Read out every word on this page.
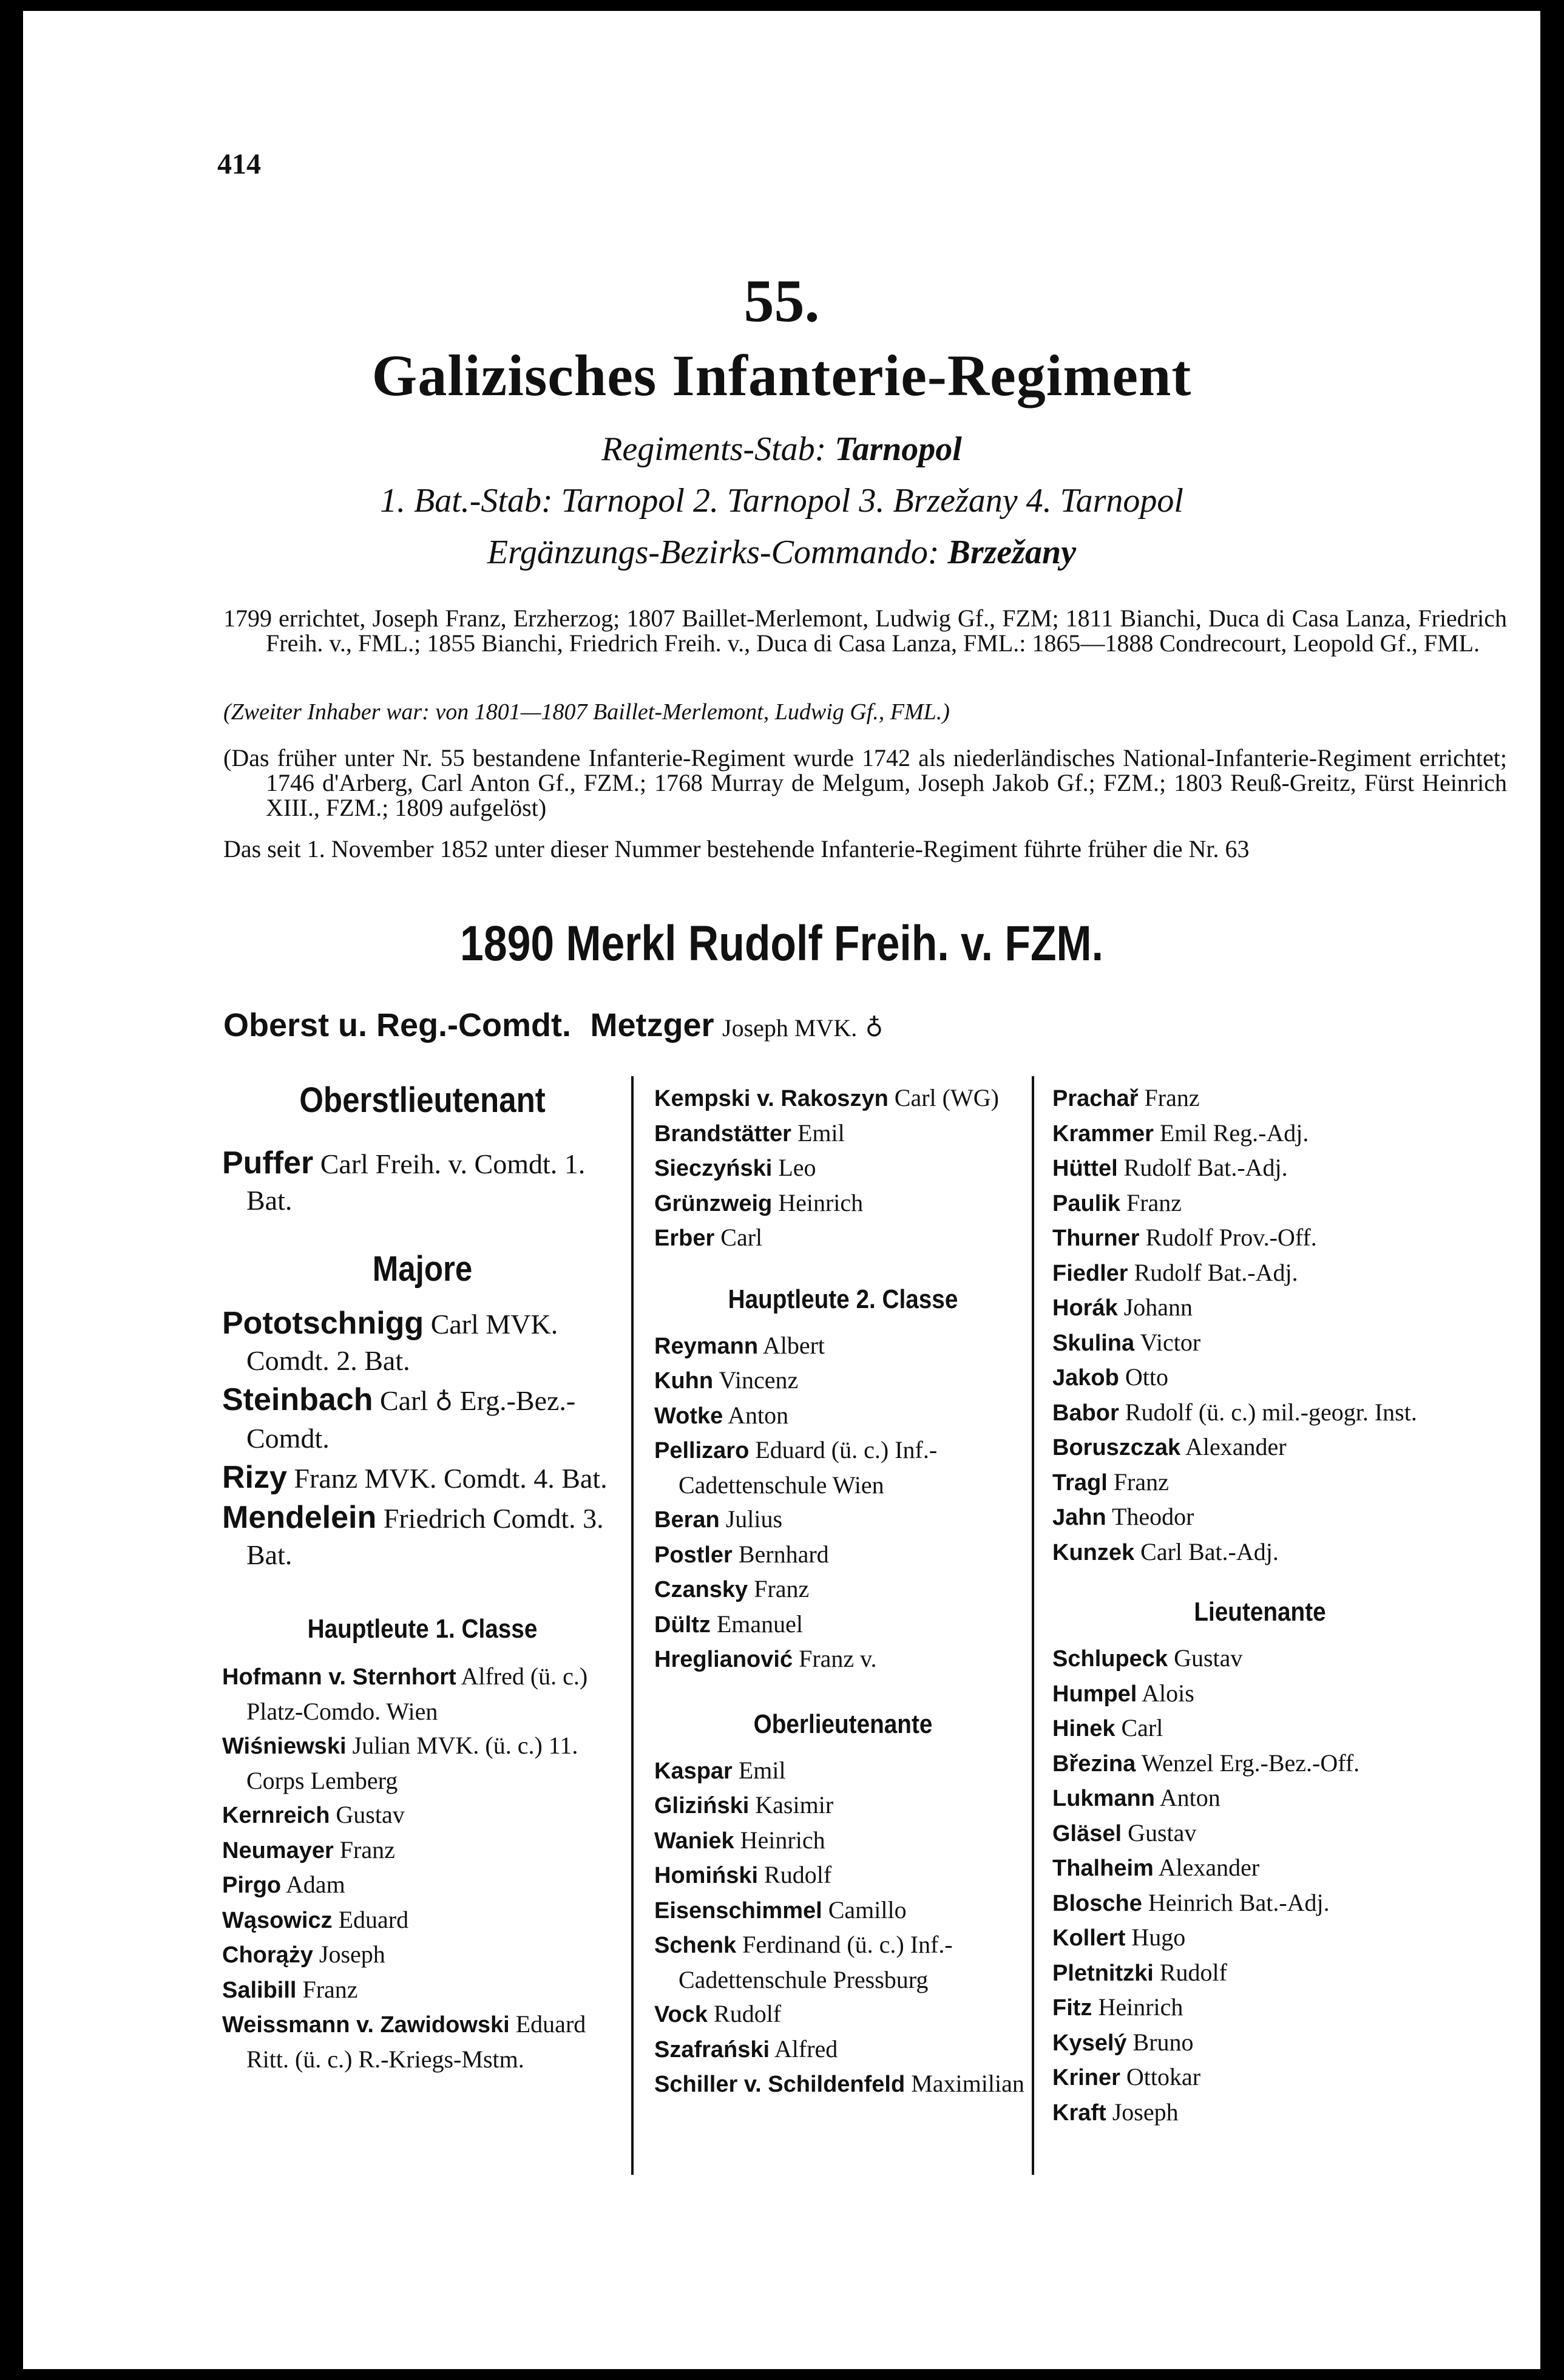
414
55.
Galizisches Infanterie-Regiment
Regiments-Stab: Tarnopol
1. Bat.-Stab: Tarnopol 2. Tarnopol 3. Brzežany 4. Tarnopol
Ergänzungs-Bezirks-Commando: Brzežany
1799 errichtet, Joseph Franz, Erzherzog; 1807 Baillet-Merlemont, Ludwig Gf., FZM; 1811 Bianchi, Duca di Casa Lanza, Friedrich Freih. v., FML.; 1855 Bianchi, Friedrich Freih. v., Duca di Casa Lanza, FML.: 1865—1888 Condrecourt, Leopold Gf., FML.
(Zweiter Inhaber war: von 1801—1807 Baillet-Merlemont, Ludwig Gf., FML.)
(Das früher unter Nr. 55 bestandene Infanterie-Regiment wurde 1742 als niederländisches National-Infanterie-Regiment errichtet; 1746 d'Arberg, Carl Anton Gf., FZM.; 1768 Murray de Melgum, Joseph Jakob Gf.; FZM.; 1803 Reuß-Greitz, Fürst Heinrich XIII., FZM.; 1809 aufgelöst)
Das seit 1. November 1852 unter dieser Nummer bestehende Infanterie-Regiment führte früher die Nr. 63
1890 Merkl Rudolf Freih. v. FZM.
Oberst u. Reg.-Comdt. Metzger Joseph MVK. ♁
Oberstlieutenant
Puffer Carl Freih. v. Comdt. 1. Bat.
Majore
Pototschnigg Carl MVK. Comdt. 2. Bat.
Steinbach Carl ♁ Erg.-Bez.-Comdt.
Rizy Franz MVK. Comdt. 4. Bat.
Mendelein Friedrich Comdt. 3. Bat.
Hauptleute 1. Classe
Hofmann v. Sternhort Alfred (ü. c.) Platz-Comdo. Wien
Wiśniewski Julian MVK. (ü. c.) 11. Corps Lemberg
Kernreich Gustav
Neumayer Franz
Pirgo Adam
Wąsowicz Eduard
Chorąży Joseph
Salibill Franz
Weissmann v. Zawidowski Eduard Ritt. (ü. c.) R.-Kriegs-Mstm.
Kempski v. Rakoszyn Carl (WG)
Brandstätter Emil
Sieczyński Leo
Grünzweig Heinrich
Erber Carl
Hauptleute 2. Classe
Reymann Albert
Kuhn Vincenz
Wotke Anton
Pellizaro Eduard (ü. c.) Inf.-Cadettenschule Wien
Beran Julius
Postler Bernhard
Czansky Franz
Dültz Emanuel
Hreglianović Franz v.
Oberlieutenante
Kaspar Emil
Gliziński Kasimir
Waniek Heinrich
Homiński Rudolf
Eisenschimmel Camillo
Schenk Ferdinand (ü. c.) Inf.-Cadettenschule Pressburg
Vock Rudolf
Szafrański Alfred
Schiller v. Schildenfeld Maximilian
Prachař Franz
Krammer Emil Reg.-Adj.
Hüttel Rudolf Bat.-Adj.
Paulik Franz
Thurner Rudolf Prov.-Off.
Fiedler Rudolf Bat.-Adj.
Horák Johann
Skulina Victor
Jakob Otto
Babor Rudolf (ü. c.) mil.-geogr. Inst.
Boruszczak Alexander
Tragl Franz
Jahn Theodor
Kunzek Carl Bat.-Adj.
Lieutenante
Schlupeck Gustav
Humpel Alois
Hinek Carl
Březina Wenzel Erg.-Bez.-Off.
Lukmann Anton
Gläsel Gustav
Thalheim Alexander
Blosche Heinrich Bat.-Adj.
Kollert Hugo
Pletnitzki Rudolf
Fitz Heinrich
Kyselý Bruno
Kriner Ottokar
Kraft Joseph
